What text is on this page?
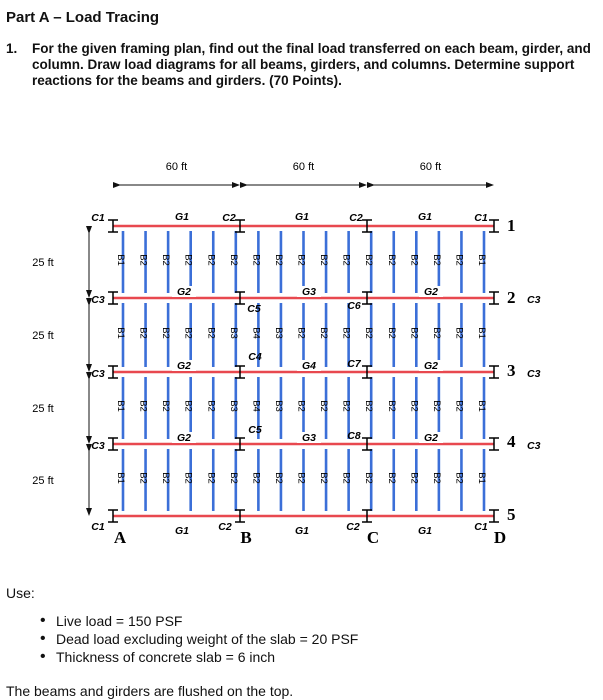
Part A – Load Tracing
1.	For the given framing plan, find out the final load transferred on each beam, girder, and column. Draw load diagrams for all beams, girders, and columns. Determine support reactions for the beams and girders. (70 Points).
60 ft	60 ft	60 ft
25 ft
25 ft
25 ft
25 ft
B1 B2 B2 B2 B2 B2 B2 B2 B2 B2 B2 B2 B2 B2 B2 B2 B1
B1 B2 B2 B2 B2 B3 B4 B3 B2 B2 B2 B2 B2 B2 B2 B2 B1
B1 B2 B2 B2 B2 B3 B4 B3 B2 B2 B2 B2 B2 B2 B2 B2 B1
B1 B2 B2 B2 B2 B2 B2 B2 B2 B2 B2 B2 B2 B2 B2 B2 B1
C1	C2	C2	C1
G1	G1	G1
C1	C2	C2	C1
G1	G1	G1
A	B	C	D
1
2
3
4
5
C3
C3
C3
C3
C3
C3
C5	C6
C4
C7
C5	C8
G2	G3	G2
G2	G4	G2
G2	G3	G2
Use:
• Live load = 150 PSF
• Dead load excluding weight of the slab = 20 PSF
• Thickness of concrete slab = 6 inch
The beams and girders are flushed on the top.
